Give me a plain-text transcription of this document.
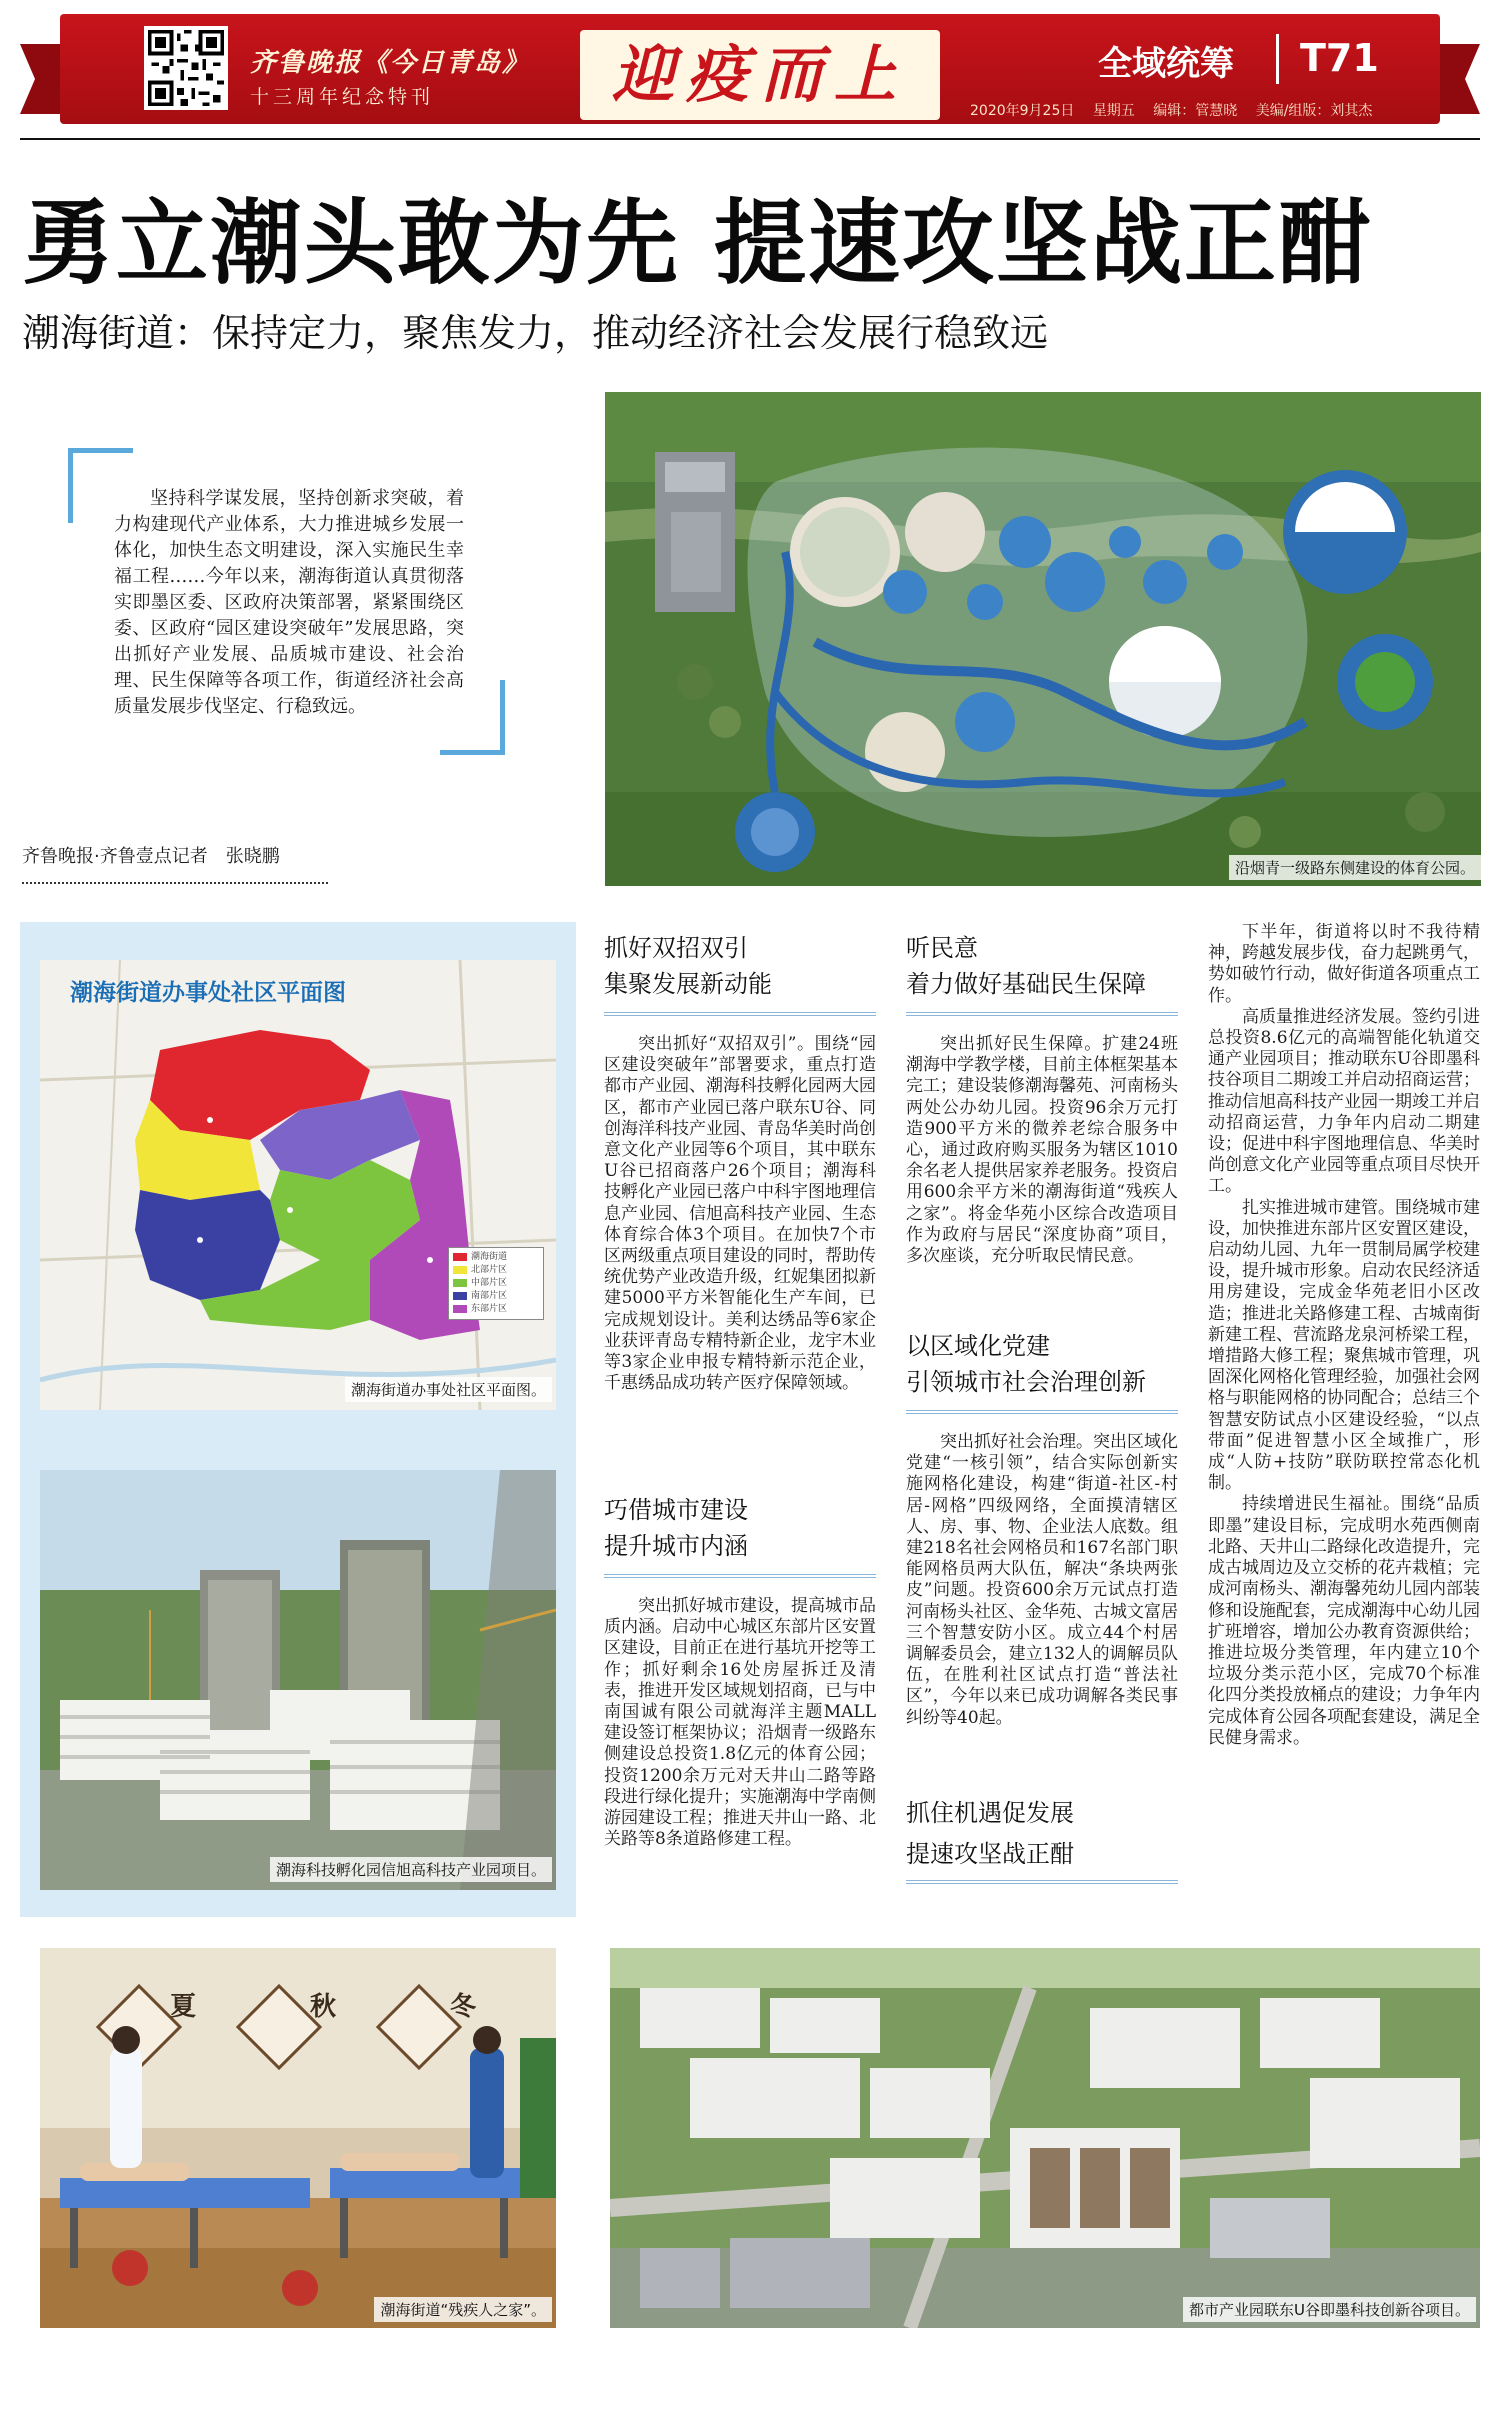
齐鲁晚报《今日青岛》
十三周年纪念特刊	迎疫而上	全域统筹 T71
2020年9月25日 星期五 编辑：管慧晓 美编/组版：刘其杰
勇立潮头敢为先 提速攻坚战正酣
潮海街道：保持定力，聚焦发力，推动经济社会发展行稳致远
坚持科学谋发展，坚持创新求突破，着力构建现代产业体系，大力推进城乡发展一体化，加快生态文明建设，深入实施民生幸福工程……今年以来，潮海街道认真贯彻落实即墨区委、区政府决策部署，紧紧围绕区委、区政府“园区建设突破年”发展思路，突出抓好产业发展、品质城市建设、社会治理、民生保障等各项工作，街道经济社会高质量发展步伐坚定、行稳致远。
齐鲁晚报·齐鲁壹点记者　张晓鹏
沿烟青一级路东侧建设的体育公园。
潮海街道办事处社区平面图
潮海街道
北部片区
中部片区
南部片区
东部片区
潮海街道办事处社区平面图。
潮海科技孵化园信旭高科技产业园项目。
抓好双招双引
集聚发展新动能
突出抓好“双招双引”。围绕“园区建设突破年”部署要求，重点打造都市产业园、潮海科技孵化园两大园区，都市产业园已落户联东U谷、同创海洋科技产业园、青岛华美时尚创意文化产业园等6个项目，其中联东U谷已招商落户26个项目；潮海科技孵化产业园已落户中科宇图地理信息产业园、信旭高科技产业园、生态体育综合体3个项目。在加快7个市区两级重点项目建设的同时，帮助传统优势产业改造升级，红妮集团拟新建5000平方米智能化生产车间，已完成规划设计。美利达绣品等6家企业获评青岛专精特新企业，龙宇木业等3家企业申报专精特新示范企业，千惠绣品成功转产医疗保障领域。
巧借城市建设
提升城市内涵
突出抓好城市建设，提高城市品质内涵。启动中心城区东部片区安置区建设，目前正在进行基坑开挖等工作；抓好剩余16处房屋拆迁及清表，推进开发区域规划招商，已与中南国诚有限公司就海洋主题MALL建设签订框架协议；沿烟青一级路东侧建设总投资1.8亿元的体育公园；投资1200余万元对天井山二路等路段进行绿化提升；实施潮海中学南侧游园建设工程；推进天井山一路、北关路等8条道路修建工程。
听民意
着力做好基础民生保障
突出抓好民生保障。扩建24班潮海中学教学楼，目前主体框架基本完工；建设装修潮海馨苑、河南杨头两处公办幼儿园。投资96余万元打造900平方米的微养老综合服务中心，通过政府购买服务为辖区1010余名老人提供居家养老服务。投资启用600余平方米的潮海街道“残疾人之家”。将金华苑小区综合改造项目作为政府与居民“深度协商”项目，多次座谈，充分听取民情民意。
以区域化党建
引领城市社会治理创新
突出抓好社会治理。突出区域化党建“一核引领”，结合实际创新实施网格化建设，构建“街道-社区-村居-网格”四级网络，全面摸清辖区人、房、事、物、企业法人底数。组建218名社会网格员和167名部门职能网格员两大队伍，解决“条块两张皮”问题。投资600余万元试点打造河南杨头社区、金华苑、古城文富居三个智慧安防小区。成立44个村居调解委员会，建立132人的调解员队伍，在胜利社区试点打造“普法社区”，今年以来已成功调解各类民事纠纷等40起。
抓住机遇促发展
提速攻坚战正酣
下半年，街道将以时不我待精神，跨越发展步伐，奋力起跳勇气，势如破竹行动，做好街道各项重点工作。
高质量推进经济发展。签约引进总投资8.6亿元的高端智能化轨道交通产业园项目；推动联东U谷即墨科技谷项目二期竣工并启动招商运营；推动信旭高科技产业园一期竣工并启动招商运营，力争年内启动二期建设；促进中科宇图地理信息、华美时尚创意文化产业园等重点项目尽快开工。
扎实推进城市建管。围绕城市建设，加快推进东部片区安置区建设，启动幼儿园、九年一贯制局属学校建设，提升城市形象。启动农民经济适用房建设，完成金华苑老旧小区改造；推进北关路修建工程、古城南街新建工程、营流路龙泉河桥梁工程，增措路大修工程；聚焦城市管理，巩固深化网格化管理经验，加强社会网格与职能网格的协同配合；总结三个智慧安防试点小区建设经验，“以点带面”促进智慧小区全域推广，形成“人防+技防”联防联控常态化机制。
持续增进民生福祉。围绕“品质即墨”建设目标，完成明水苑西侧南北路、天井山二路绿化改造提升，完成古城周边及立交桥的花卉栽植；完成河南杨头、潮海馨苑幼儿园内部装修和设施配套，完成潮海中心幼儿园扩班增容，增加公办教育资源供给；推进垃圾分类管理，年内建立10个垃圾分类示范小区，完成70个标准化四分类投放桶点的建设；力争年内完成体育公园各项配套建设，满足全民健身需求。
夏	秋	冬
潮海街道“残疾人之家”。	都市产业园联东U谷即墨科技创新谷项目。
